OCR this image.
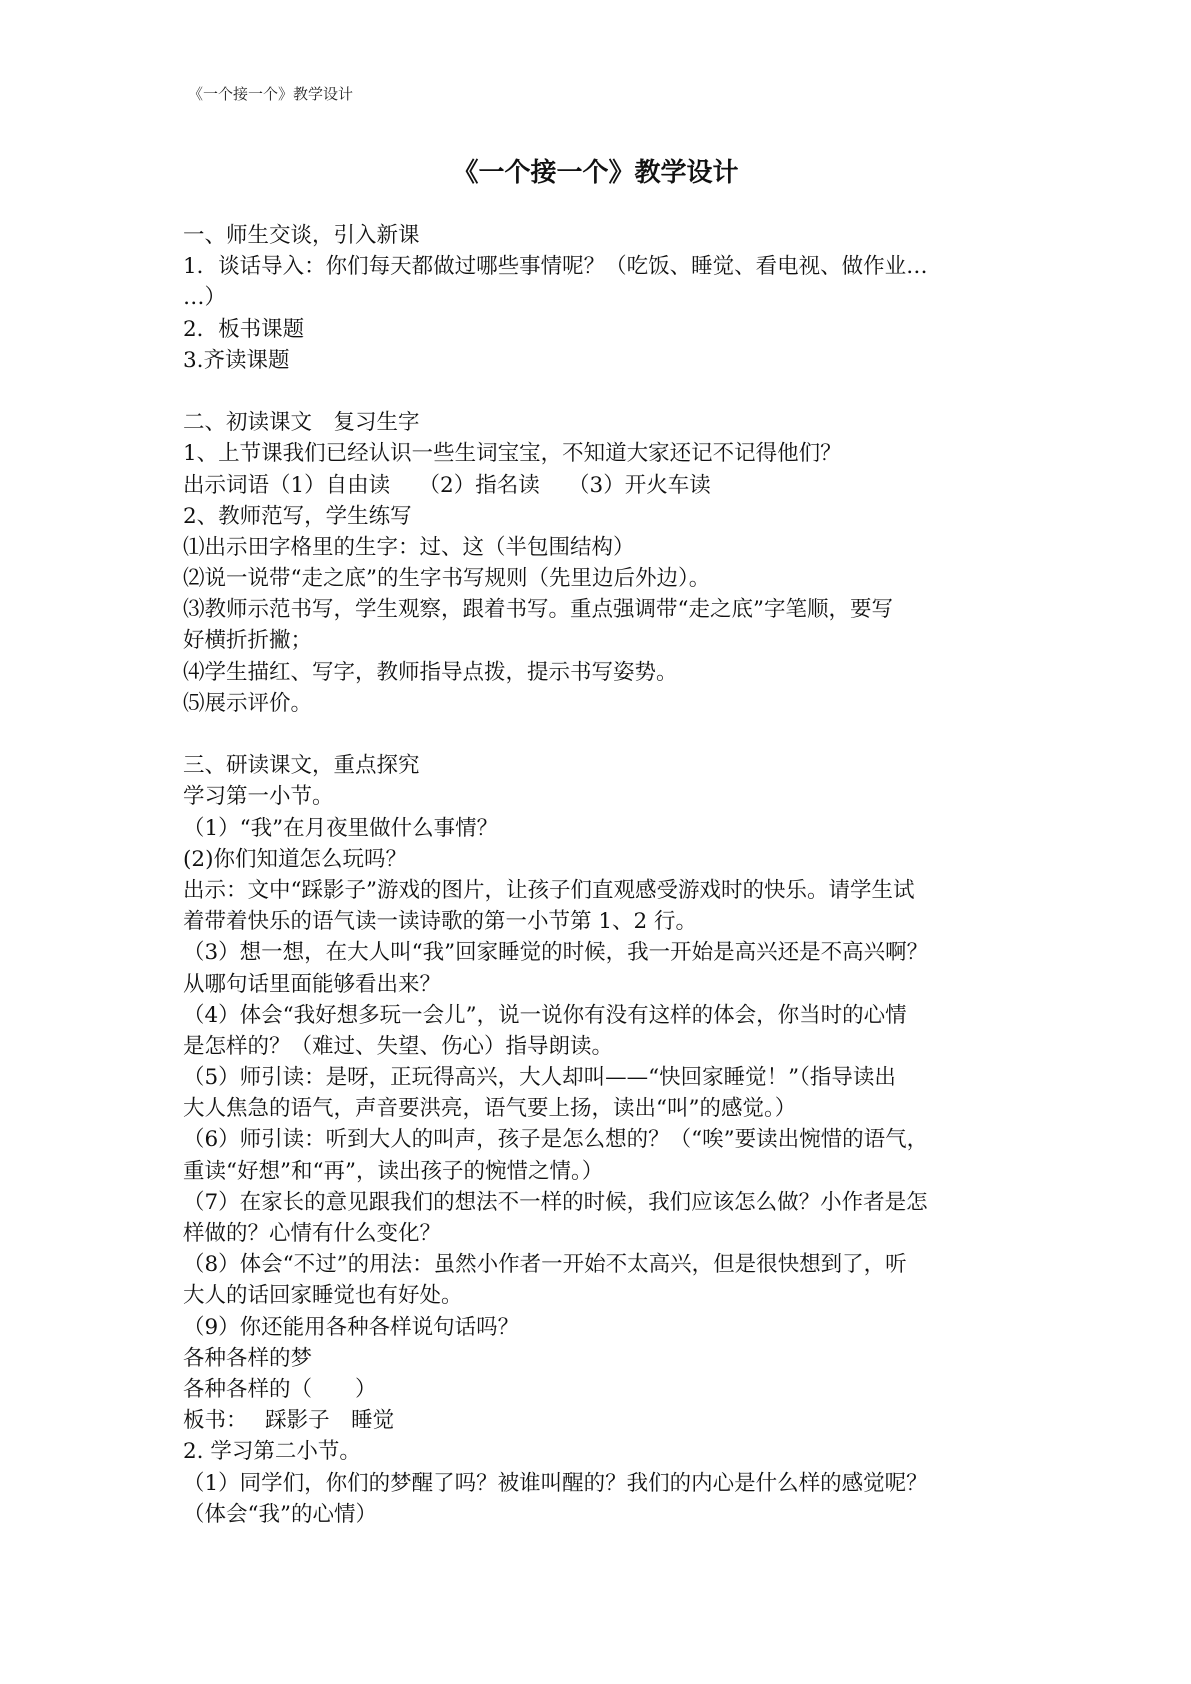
《一个接一个》教学设计
《一个接一个》教学设计
一、师生交谈，引入新课
1．谈话导入：你们每天都做过哪些事情呢？（吃饭、睡觉、看电视、做作业…
…）
2．板书课题
3.齐读课题
二、初读课文　复习生字
1、上节课我们已经认识一些生词宝宝，不知道大家还记不记得他们？
出示词语（1）自由读　 （2）指名读　 （3）开火车读
2、教师范写，学生练写
⑴出示田字格里的生字：过、这（半包围结构）
⑵说一说带“走之底”的生字书写规则（先里边后外边）。
⑶教师示范书写，学生观察，跟着书写。重点强调带“走之底”字笔顺，要写
好横折折撇；
⑷学生描红、写字，教师指导点拨，提示书写姿势。
⑸展示评价。
三、研读课文，重点探究
学习第一小节。
（1）“我”在月夜里做什么事情？
(2)你们知道怎么玩吗？
出示：文中“踩影子”游戏的图片，让孩子们直观感受游戏时的快乐。请学生试
着带着快乐的语气读一读诗歌的第一小节第 1、2 行。
（3）想一想，在大人叫“我”回家睡觉的时候，我一开始是高兴还是不高兴啊？
从哪句话里面能够看出来？
（4）体会“我好想多玩一会儿”，说一说你有没有这样的体会，你当时的心情
是怎样的？（难过、失望、伤心）指导朗读。
（5）师引读：是呀，正玩得高兴，大人却叫——“快回家睡觉！”（指导读出
大人焦急的语气，声音要洪亮，语气要上扬，读出“叫”的感觉。）
（6）师引读：听到大人的叫声，孩子是怎么想的？（“唉”要读出惋惜的语气，
重读“好想”和“再”，读出孩子的惋惜之情。）
（7）在家长的意见跟我们的想法不一样的时候，我们应该怎么做？小作者是怎
样做的？心情有什么变化？
（8）体会“不过”的用法：虽然小作者一开始不太高兴，但是很快想到了，听
大人的话回家睡觉也有好处。
（9）你还能用各种各样说句话吗？
各种各样的梦
各种各样的（　　）
板书：　 踩影子　睡觉
2. 学习第二小节。
（1）同学们，你们的梦醒了吗？被谁叫醒的？我们的内心是什么样的感觉呢？
（体会“我”的心情）
